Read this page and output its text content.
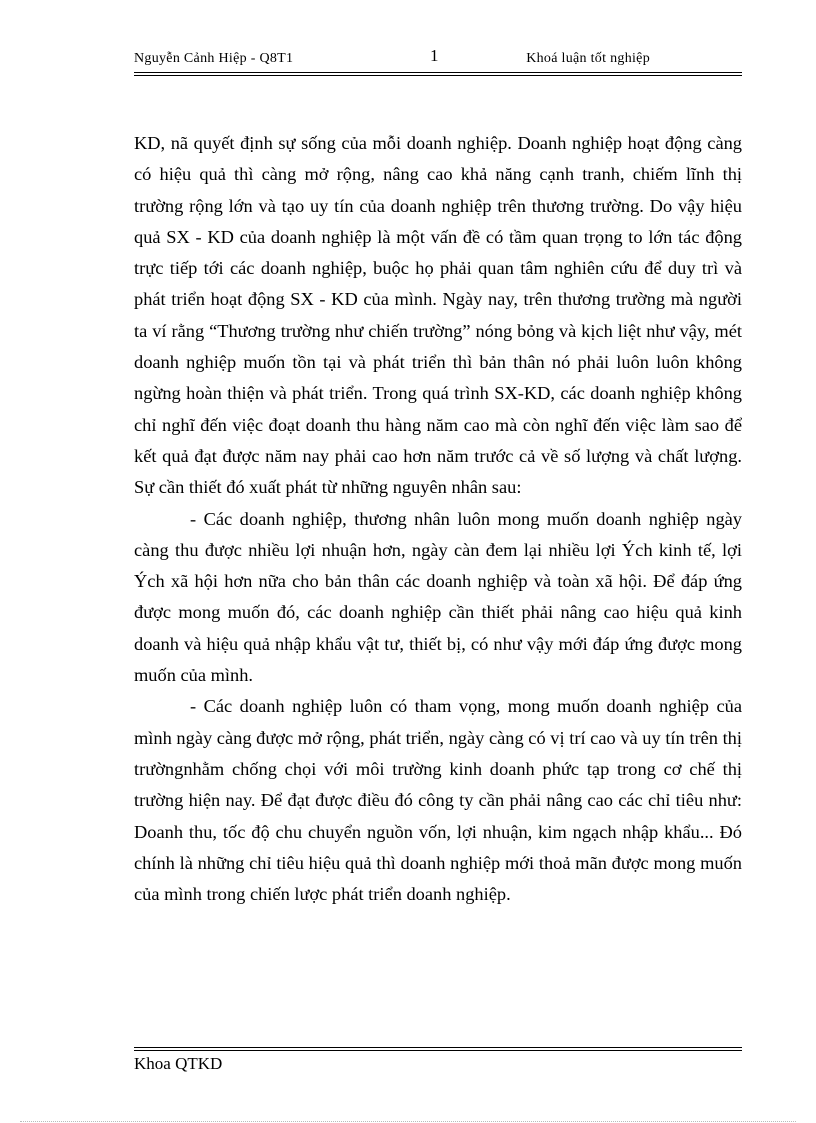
Nguyễn Cảnh Hiệp - Q8T1	1	Khoá luận tốt nghiệp

KD, nã quyết định sự sống của mỗi doanh nghiệp. Doanh nghiệp hoạt động càng có hiệu quả thì càng mở rộng, nâng cao khả năng cạnh tranh, chiếm lĩnh thị trường rộng lớn và tạo uy tín của doanh nghiệp trên thương trường. Do vậy hiệu quả SX - KD của doanh nghiệp là một vấn đề có tầm quan trọng to lớn tác động trực tiếp tới các doanh nghiệp, buộc họ phải quan tâm nghiên cứu để duy trì và phát triển hoạt động SX - KD của mình. Ngày nay, trên thương trường mà người ta ví rằng “Thương trường như chiến trường” nóng bỏng và kịch liệt như vậy, mét doanh nghiệp muốn tồn tại và phát triển thì bản thân nó phải luôn luôn không ngừng hoàn thiện và phát triển. Trong quá trình SX-KD, các doanh nghiệp không chỉ nghĩ đến việc đoạt doanh thu hàng năm cao mà còn nghĩ đến việc làm sao để kết quả đạt được năm nay phải cao hơn năm trước cả về số lượng và chất lượng. Sự cần thiết đó xuất phát từ những nguyên nhân sau:

- Các doanh nghiệp, thương nhân luôn mong muốn doanh nghiệp ngày càng thu được nhiều lợi nhuận hơn, ngày càn đem lại nhiều lợi Ých kinh tế, lợi Ých xã hội hơn nữa cho bản thân các doanh nghiệp và toàn xã hội. Để đáp ứng được mong muốn đó, các doanh nghiệp cần thiết phải nâng cao hiệu quả kinh doanh và hiệu quả nhập khẩu vật tư, thiết bị, có như vậy mới đáp ứng được mong muốn của mình.

- Các doanh nghiệp luôn có tham vọng, mong muốn doanh nghiệp của mình ngày càng được mở rộng, phát triển, ngày càng có vị trí cao và uy tín trên thị trườngnhằm chống chọi với môi trường kinh doanh phức tạp trong cơ chế thị trường hiện nay. Để đạt được điều đó công ty cần phải nâng cao các chỉ tiêu như: Doanh thu, tốc độ chu chuyển nguồn vốn, lợi nhuận, kim ngạch nhập khẩu... Đó chính là những chỉ tiêu hiệu quả thì doanh nghiệp mới thoả mãn được mong muốn của mình trong chiến lược phát triển doanh nghiệp.

Khoa QTKD
